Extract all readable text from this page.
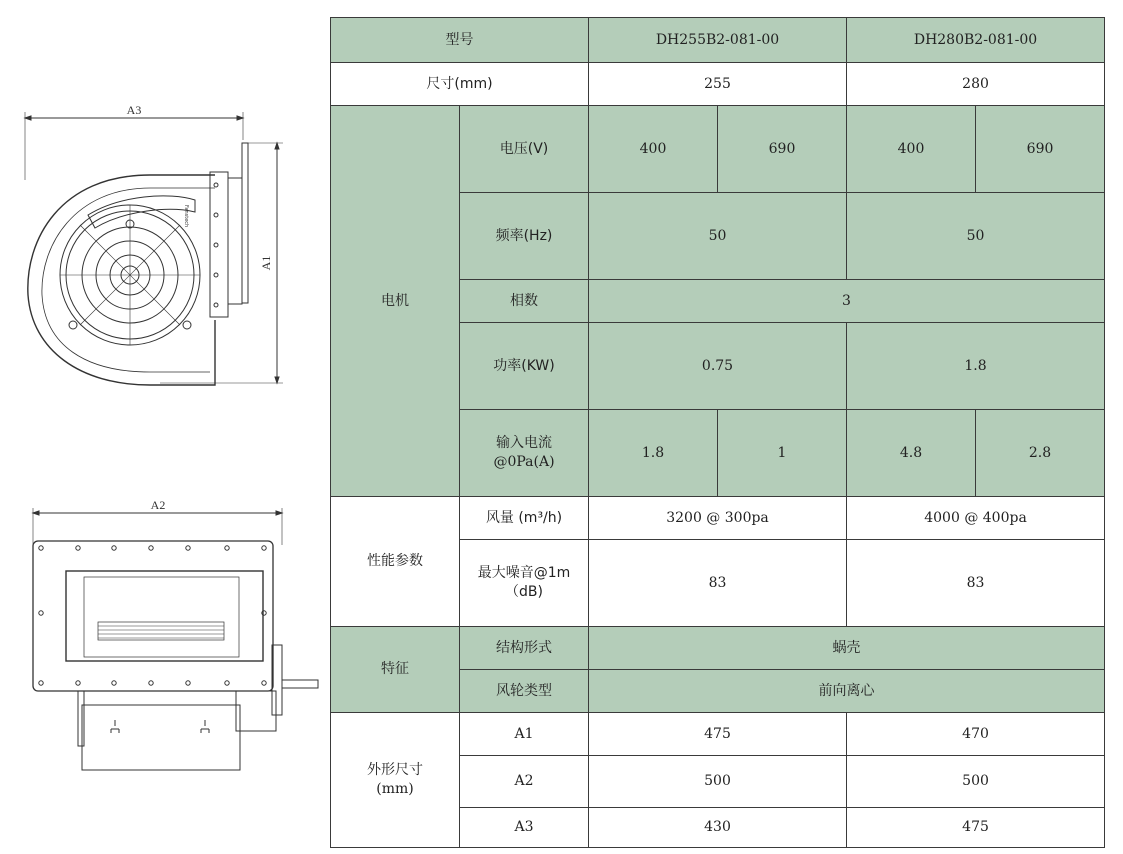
A3
A1
Fanstech
A2
型号		DH255B2-081-00		DH280B2-081-00	
尺寸(mm)		255		280	
电机	电压(V)	400	690	400	690
	频率(Hz)	50		50	
	相数	3			
	功率(KW)	0.75		1.8	

	输入电流
@0Pa(A)	1.8	1	4.8	2.8
性能参数	风量 (m³/h)	3200 @ 300pa		4000 @ 400pa	

	最大噪音@1m
（dB)	83		83	
特征	结构形式	蜗壳			
	风轮类型	前向离心			

外形尺寸
(mm)	A1	475		470	
	A2	500		500	
	A3	430		475	
